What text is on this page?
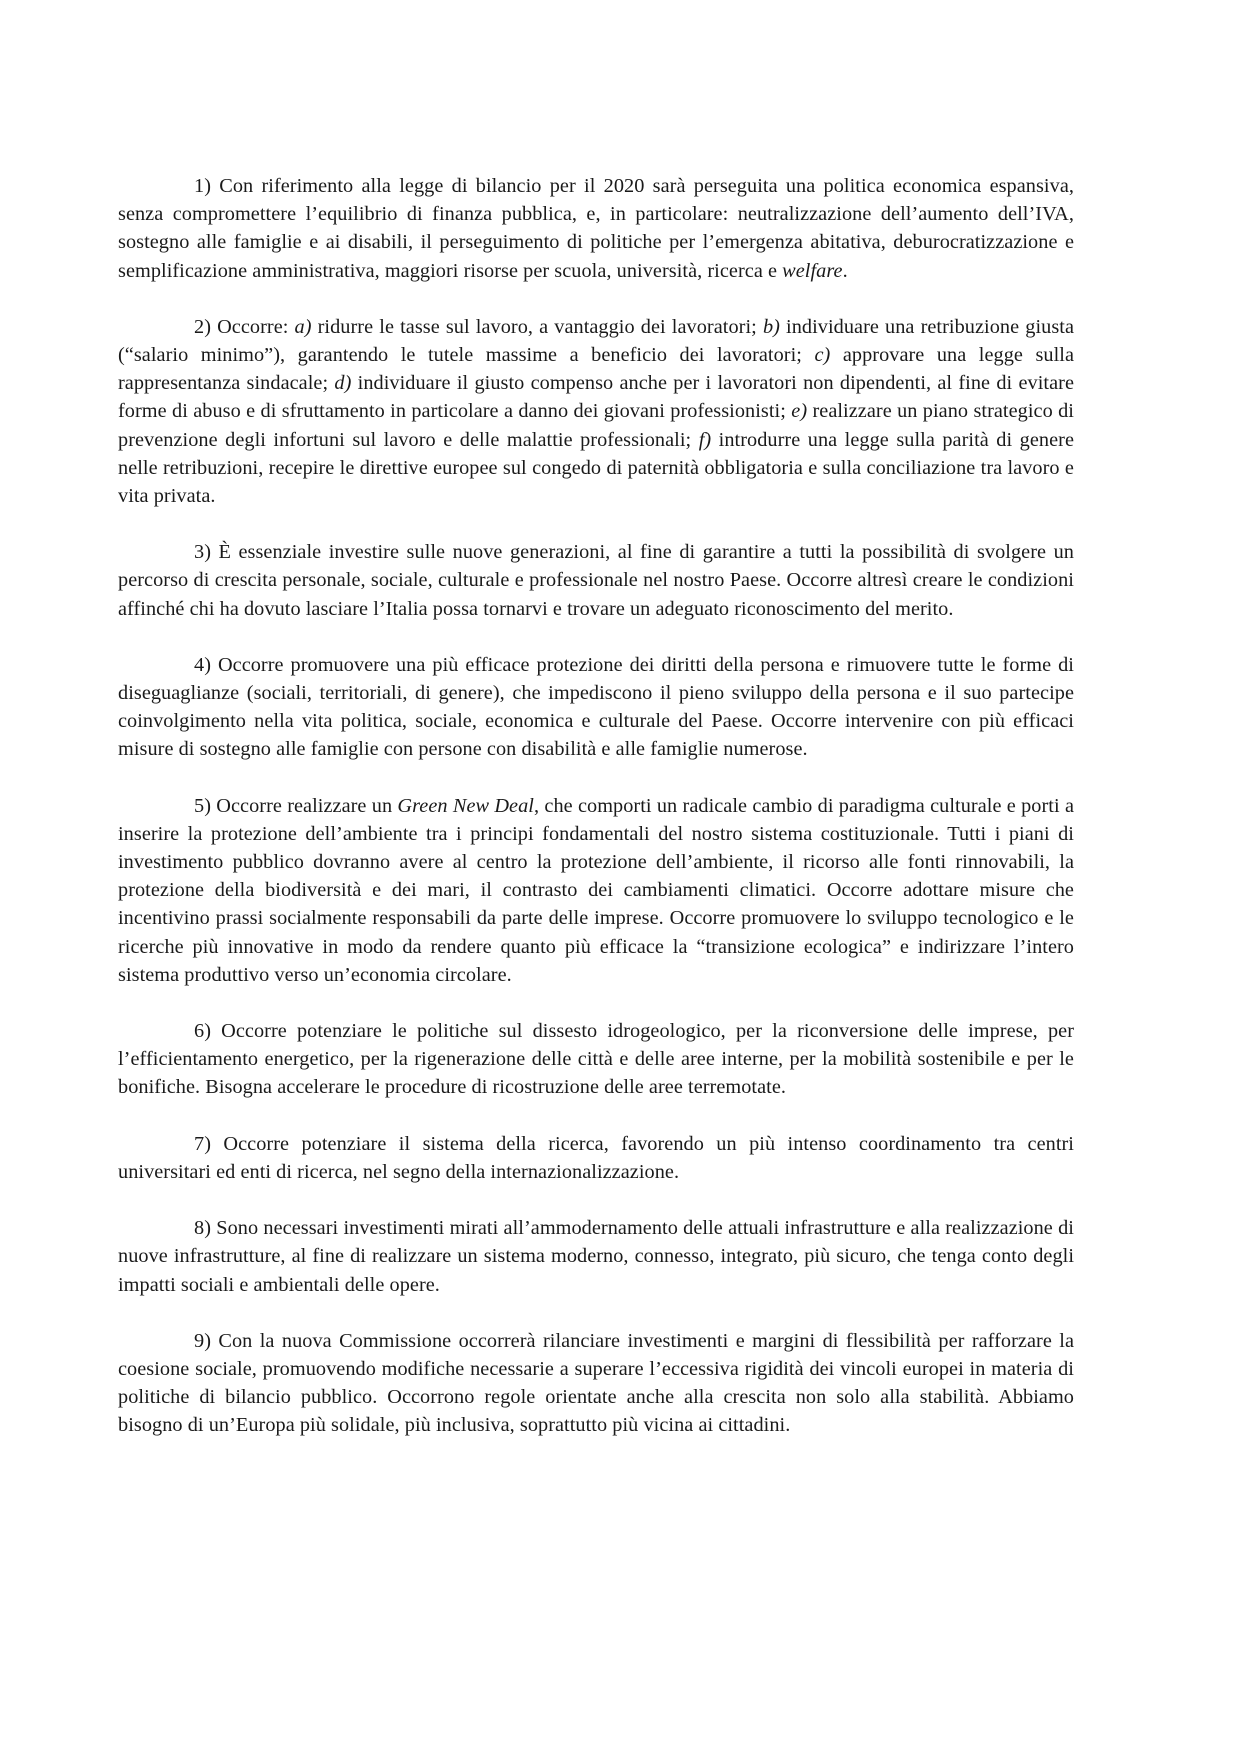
1) Con riferimento alla legge di bilancio per il 2020 sarà perseguita una politica economica espansiva, senza compromettere l’equilibrio di finanza pubblica, e, in particolare: neutralizzazione dell’aumento dell’IVA, sostegno alle famiglie e ai disabili, il perseguimento di politiche per l’emergenza abitativa, deburocratizzazione e semplificazione amministrativa, maggiori risorse per scuola, università, ricerca e welfare.

2) Occorre: a) ridurre le tasse sul lavoro, a vantaggio dei lavoratori; b) individuare una retribuzione giusta (“salario minimo”), garantendo le tutele massime a beneficio dei lavoratori; c) approvare una legge sulla rappresentanza sindacale; d) individuare il giusto compenso anche per i lavoratori non dipendenti, al fine di evitare forme di abuso e di sfruttamento in particolare a danno dei giovani professionisti; e) realizzare un piano strategico di prevenzione degli infortuni sul lavoro e delle malattie professionali; f) introdurre una legge sulla parità di genere nelle retribuzioni, recepire le direttive europee sul congedo di paternità obbligatoria e sulla conciliazione tra lavoro e vita privata.

3) È essenziale investire sulle nuove generazioni, al fine di garantire a tutti la possibilità di svolgere un percorso di crescita personale, sociale, culturale e professionale nel nostro Paese. Occorre altresì creare le condizioni affinché chi ha dovuto lasciare l’Italia possa tornarvi e trovare un adeguato riconoscimento del merito.

4) Occorre promuovere una più efficace protezione dei diritti della persona e rimuovere tutte le forme di diseguaglianze (sociali, territoriali, di genere), che impediscono il pieno sviluppo della persona e il suo partecipe coinvolgimento nella vita politica, sociale, economica e culturale del Paese. Occorre intervenire con più efficaci misure di sostegno alle famiglie con persone con disabilità e alle famiglie numerose.

5) Occorre realizzare un Green New Deal, che comporti un radicale cambio di paradigma culturale e porti a inserire la protezione dell’ambiente tra i principi fondamentali del nostro sistema costituzionale. Tutti i piani di investimento pubblico dovranno avere al centro la protezione dell’ambiente, il ricorso alle fonti rinnovabili, la protezione della biodiversità e dei mari, il contrasto dei cambiamenti climatici. Occorre adottare misure che incentivino prassi socialmente responsabili da parte delle imprese. Occorre promuovere lo sviluppo tecnologico e le ricerche più innovative in modo da rendere quanto più efficace la “transizione ecologica” e indirizzare l’intero sistema produttivo verso un’economia circolare.

6) Occorre potenziare le politiche sul dissesto idrogeologico, per la riconversione delle imprese, per l’efficientamento energetico, per la rigenerazione delle città e delle aree interne, per la mobilità sostenibile e per le bonifiche. Bisogna accelerare le procedure di ricostruzione delle aree terremotate.

7) Occorre potenziare il sistema della ricerca, favorendo un più intenso coordinamento tra centri universitari ed enti di ricerca, nel segno della internazionalizzazione.

8) Sono necessari investimenti mirati all’ammodernamento delle attuali infrastrutture e alla realizzazione di nuove infrastrutture, al fine di realizzare un sistema moderno, connesso, integrato, più sicuro, che tenga conto degli impatti sociali e ambientali delle opere.

9) Con la nuova Commissione occorrerà rilanciare investimenti e margini di flessibilità per rafforzare la coesione sociale, promuovendo modifiche necessarie a superare l’eccessiva rigidità dei vincoli europei in materia di politiche di bilancio pubblico. Occorrono regole orientate anche alla crescita non solo alla stabilità. Abbiamo bisogno di un’Europa più solidale, più inclusiva, soprattutto più vicina ai cittadini.
